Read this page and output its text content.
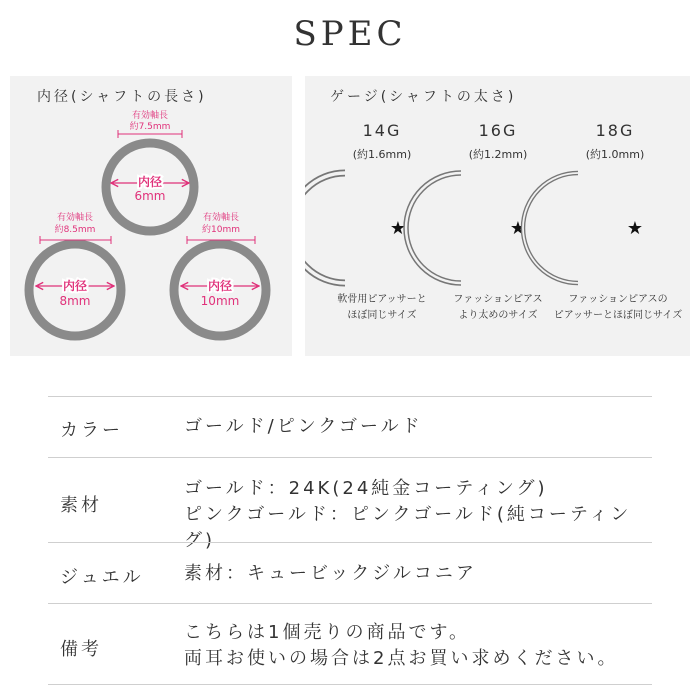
SPEC
内径(シャフトの長さ)
有効軸長
約7.5mm
内径
6mm
有効軸長
約8.5mm
内径
8mm
有効軸長
約10mm
内径
10mm
ゲージ(シャフトの太さ)
14G
(約1.6mm)
★
軟骨用ピアッサーと
ほぼ同じサイズ
16G
(約1.2mm)
★
ファッションピアス
より太めのサイズ
18G
(約1.0mm)
★
ファッションピアスの
ピアッサーとほぼ同じサイズ
カラー	ゴールド/ピンクゴールド
素材
ゴールド：24K(24純金コーティング)
ピンクゴールド：ピンクゴールド(純コーティング)
ジュエル 素材：キュービックジルコニア
備考
こちらは1個売りの商品です。
両耳お使いの場合は2点お買い求めください。
